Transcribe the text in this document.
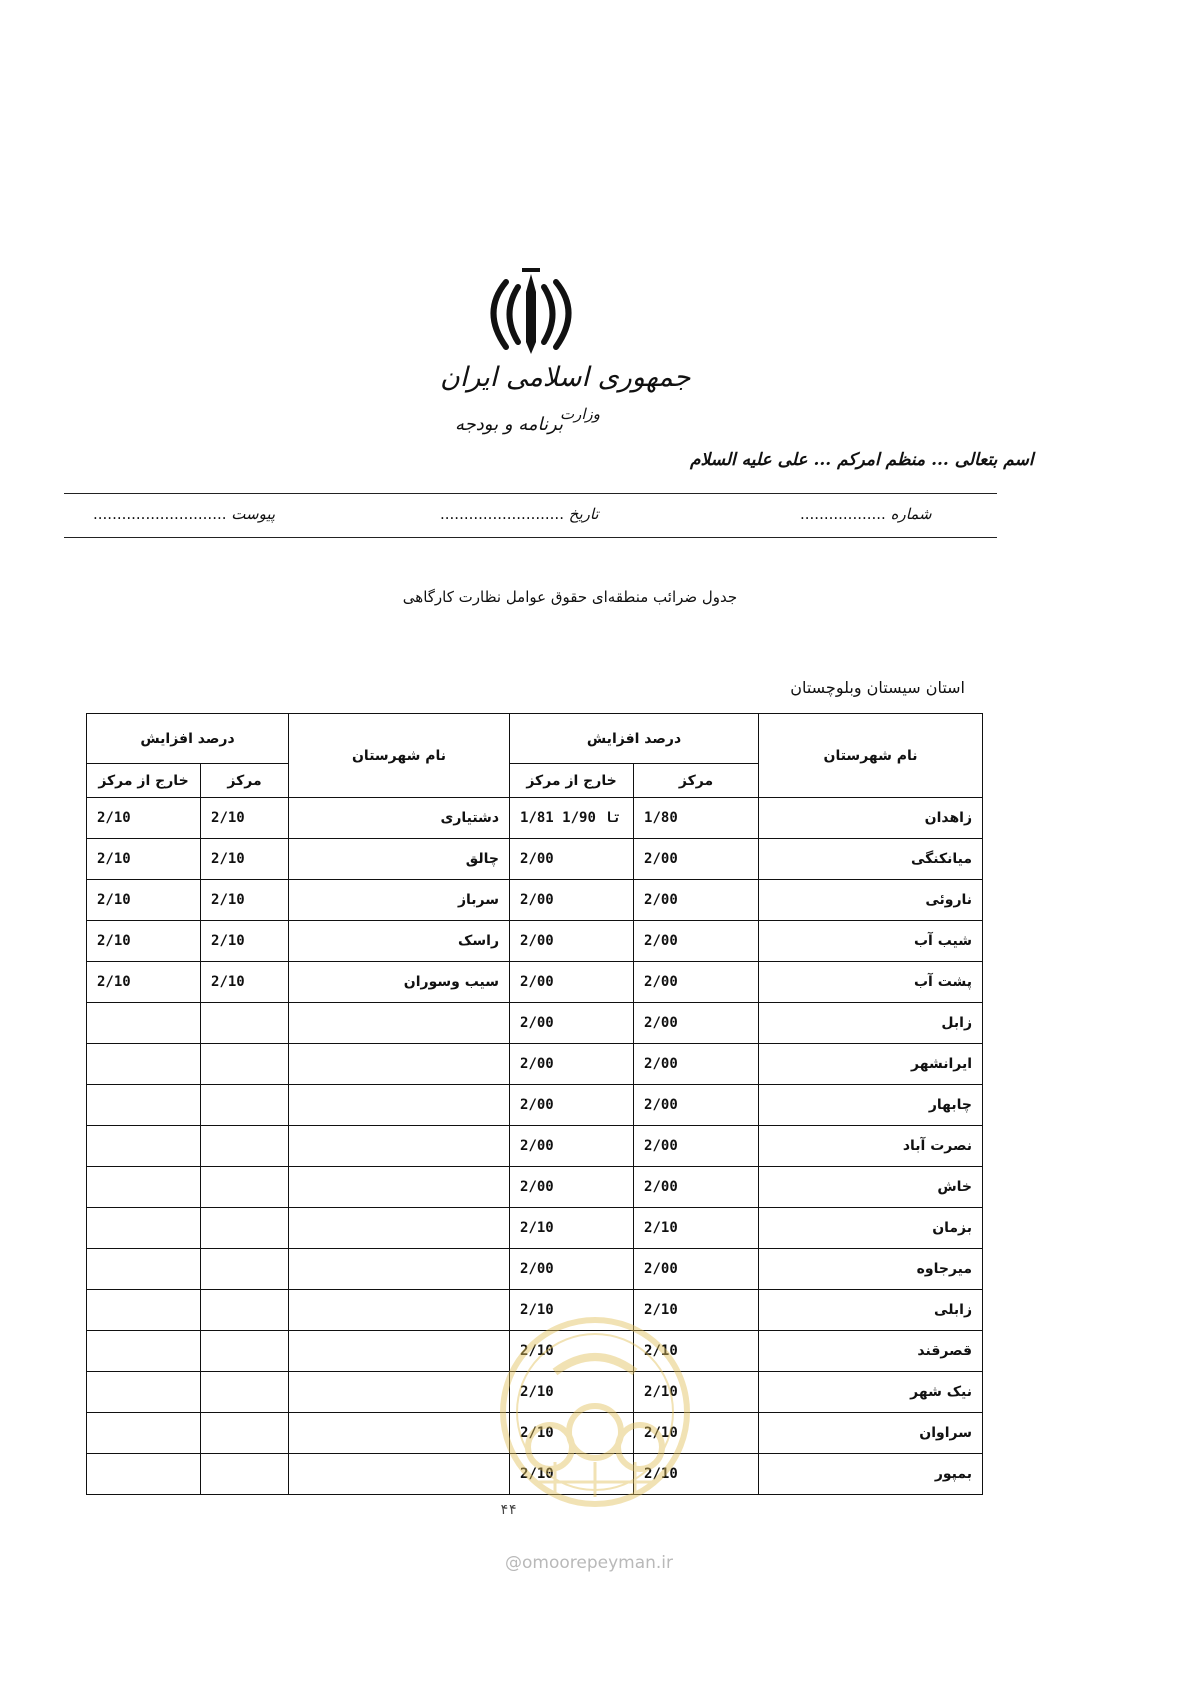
جمهوری اسلامی ایران
وزارت
برنامه و بودجه
اسم بتعالی ... منظم امرکم ... علی علیه السلام
شماره ..................
تاریخ ..........................
پیوست ............................
جدول ضرائب منطقه‌ای حقوق عوامل نظارت کارگاهی
استان سیستان وبلوچستان
نام شهرستان	درصد افزایش		نام شهرستان	درصد افزایش	
	مرکز	خارج از مرکز		مرکز	خارج از مرکز
زاهدان	1/80	1/81 تا 1/90	دشتیاری	2/10	2/10
میانکنگی	2/00	2/00	چالق	2/10	2/10
ناروئی	2/00	2/00	سرباز	2/10	2/10
شیب آب	2/00	2/00	راسک	2/10	2/10
پشت آب	2/00	2/00	سیب وسوران	2/10	2/10
زابل	2/00	2/00			
ایرانشهر	2/00	2/00			
چابهار	2/00	2/00			
نصرت آباد	2/00	2/00			
خاش	2/00	2/00			
بزمان	2/10	2/10			
میرجاوه	2/00	2/00			
زابلی	2/10	2/10			
قصرقند	2/10	2/10			
نیک شهر	2/10	2/10			
سراوان	2/10	2/10			
بمپور	2/10	2/10			
۴۴
@omoorepeyman.ir
